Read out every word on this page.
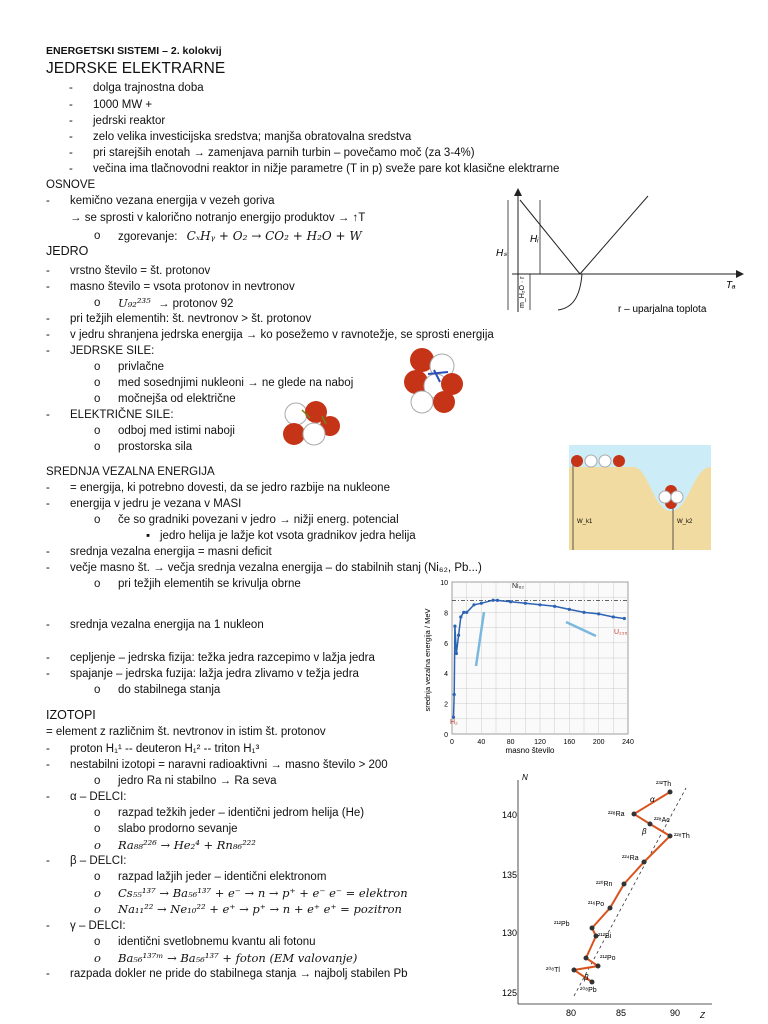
ENERGETSKI SISTEMI – 2. kolokvij
JEDRSKE ELEKTRARNE
- dolga trajnostna doba
- 1000 MW +
- jedrski reaktor
- zelo velika investicijska sredstva; manjša obratovalna sredstva
- pri starejših enotah → zamenjava parnih turbin – povečamo moč (za 3-4%)
- večina ima tlačnovodni reaktor in nižje parametre (T in p) sveže pare kot klasične elektrarne
OSNOVE
- kemično vezana energija v vezeh goriva
→ se sprosti v kalorično notranjo energijo produktov → ↑T
o zgorevanje: CₓHᵧ + O₂ → CO₂ + H₂O + W
JEDRO
- vrstno število = št. protonov
- masno število = vsota protonov in nevtronov
o U₉₂²³⁵ → protonov 92
- pri težjih elementih: št. nevtronov > št. protonov
- v jedru shranjena jedrska energija → ko posežemo v ravnotežje, se sprosti energija
- JEDRSKE SILE:
o privlačne
o med sosednjimi nukleoni → ne glede na naboj
o močnejša od električne
- ELEKTRIČNE SILE:
o odboj med istimi naboji
o prostorska sila
SREDNJA VEZALNA ENERGIJA
- = energija, ki potrebno dovesti, da se jedro razbije na nukleone
- energija v jedru je vezana v MASI
o če so gradniki povezani v jedro → nižji energ. potencial
▪ jedro helija je lažje kot vsota gradnikov jedra helija
- srednja vezalna energija = masni deficit
- večje masno št. → večja srednja vezalna energija – do stabilnih stanj (Ni₆₂, Pb...)
o pri težjih elementih se krivulja obrne
- srednja vezalna energija na 1 nukleon
- cepljenje – jedrska fizija: težka jedra razcepimo v lažja jedra
- spajanje – jedrska fuzija: lažja jedra zlivamo v težja jedra
o do stabilnega stanja
IZOTOPI
= element z različnim št. nevtronov in istim št. protonov
- proton H₁¹ -- deuteron H₁² -- triton H₁³
- nestabilni izotopi = naravni radioaktivni → masno število > 200
o jedro Ra ni stabilno → Ra seva
- α – DELCI:
o razpad težkih jeder – identični jedrom helija (He)
o slabo prodorno sevanje
o Ra₈₈²²⁶ → He₂⁴ + Rn₈₆²²²
- β – DELCI:
o razpad lažjih jeder – identični elektronom
o Cs₅₅¹³⁷ → Ba₅₆¹³⁷ + e⁻ → n → p⁺ + e⁻ e⁻ = elektron
o Na₁₁²² → Ne₁₀²² + e⁺ → p⁺ → n + e⁺ e⁺ = pozitron
- γ – DELCI:
o identični svetlobnemu kvantu ali fotonu
o Ba₅₆¹³⁷ᵐ → Ba₅₆¹³⁷ + foton (EM valovanje)
- razpada dokler ne pride do stabilnega stanja → najbolj stabilen Pb
Hᵢ
Hₛ
Tₐ
m_H₂O · r
r – uparjalna toplota
W_k1	W_k2
0	40	80	120	160	200	240
0
2
4
6
8
10
masno število
srednja vezalna energija / MeV
Ni₆₂
U₂₃₅
H₂
N
Z
140
135
130
125
80	85	90
²³²Th
²²⁸Ra
²²⁸Ac
²²⁸Th
²²⁴Ra
²²⁰Rn
²¹⁶Po
²¹²Pb
²¹²Bi
²¹²Po
²⁰⁸Tl
²⁰⁸Pb
α
β
β
